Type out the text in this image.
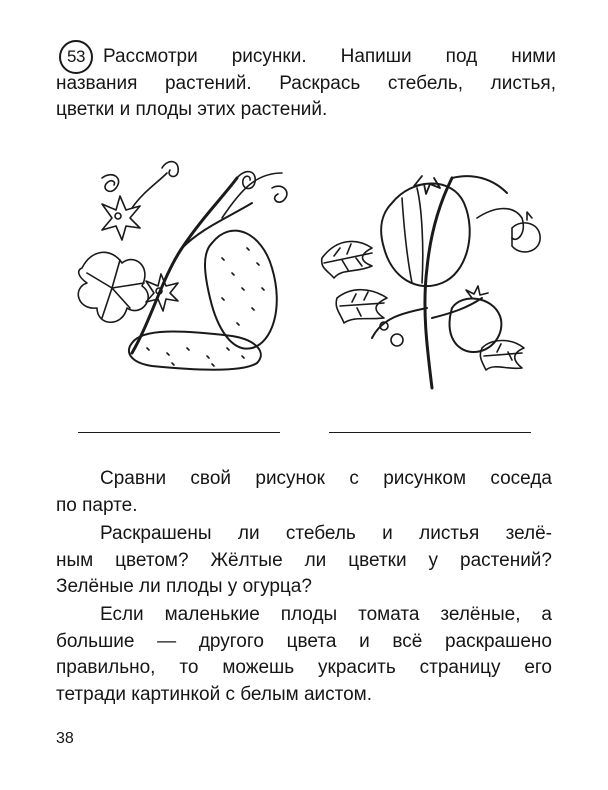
53 Рассмотри рисунки. Напиши под ними
названия растений. Раскрась стебель, листья,
цветки и плоды этих растений.

Сравни свой рисунок с рисунком соседа
по парте.

Раскрашены ли стебель и листья зелё-
ным цветом? Жёлтые ли цветки у растений?
Зелёные ли плоды у огурца?

Если маленькие плоды томата зелёные, а
большие — другого цвета и всё раскрашено
правильно, то можешь украсить страницу его
тетради картинкой с белым аистом.

38
